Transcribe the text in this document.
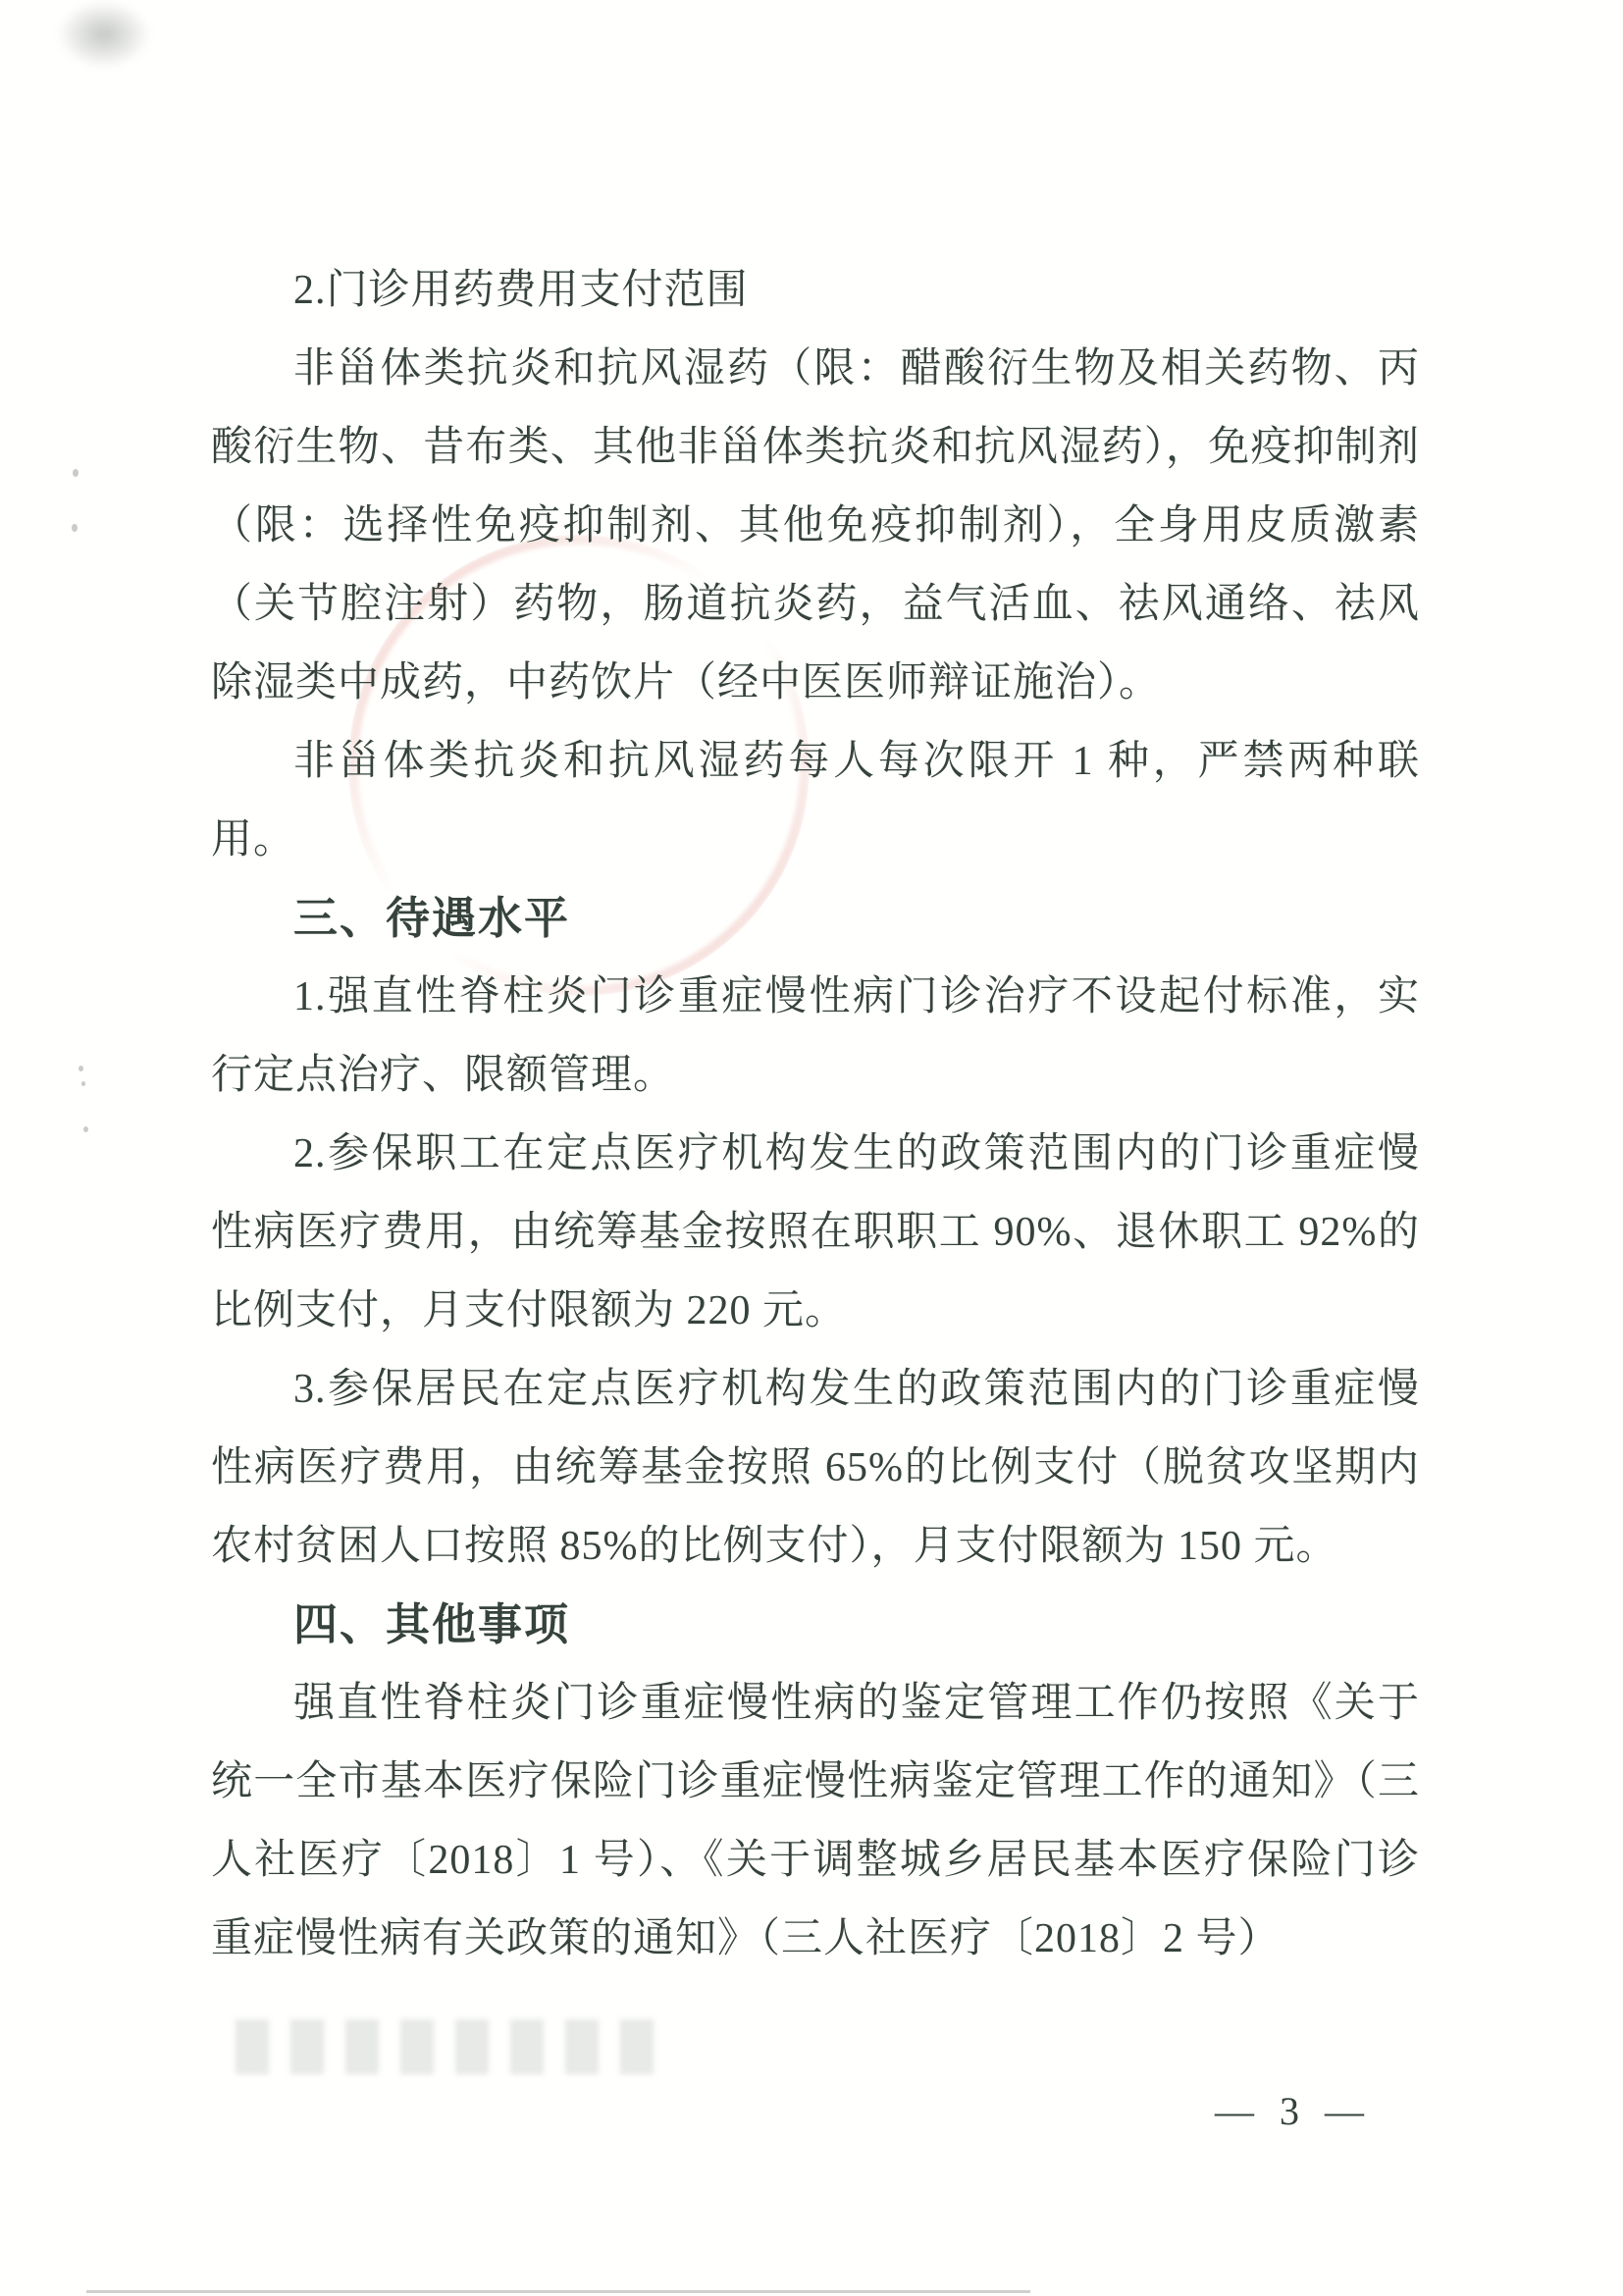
2.门诊用药费用支付范围

非甾体类抗炎和抗风湿药（限：醋酸衍生物及相关药物、丙酸衍生物、昔布类、其他非甾体类抗炎和抗风湿药），免疫抑制剂（限：选择性免疫抑制剂、其他免疫抑制剂），全身用皮质激素（关节腔注射）药物，肠道抗炎药，益气活血、祛风通络、祛风除湿类中成药，中药饮片（经中医医师辩证施治）。

非甾体类抗炎和抗风湿药每人每次限开 1 种，严禁两种联用。

三、待遇水平

1.强直性脊柱炎门诊重症慢性病门诊治疗不设起付标准，实行定点治疗、限额管理。

2.参保职工在定点医疗机构发生的政策范围内的门诊重症慢性病医疗费用，由统筹基金按照在职职工 90%、退休职工 92%的比例支付，月支付限额为 220 元。

3.参保居民在定点医疗机构发生的政策范围内的门诊重症慢性病医疗费用，由统筹基金按照 65%的比例支付（脱贫攻坚期内农村贫困人口按照 85%的比例支付），月支付限额为 150 元。

四、其他事项

强直性脊柱炎门诊重症慢性病的鉴定管理工作仍按照《关于统一全市基本医疗保险门诊重症慢性病鉴定管理工作的通知》（三人社医疗〔2018〕1 号）、《关于调整城乡居民基本医疗保险门诊重症慢性病有关政策的通知》（三人社医疗〔2018〕2 号）

— 3 —
